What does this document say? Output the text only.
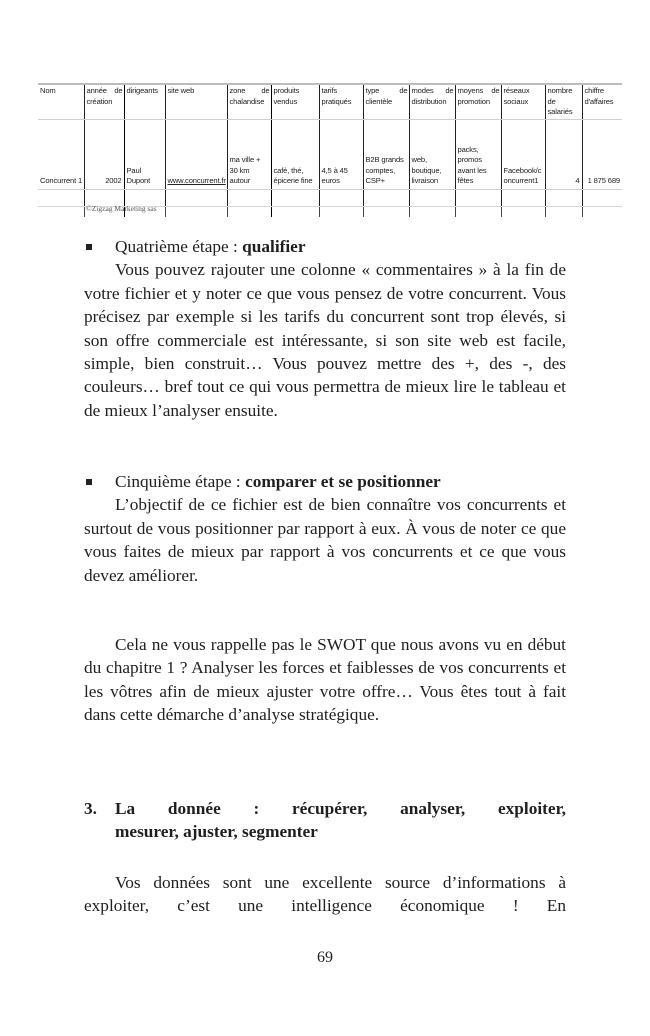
Nom	année de création	dirigeants	site web	zone de chalandise	produits vendus	tarifs pratiqués	type de clientèle	modes de distribution	moyens de promotion	réseaux sociaux	nombre de salariés	chiffre d'affaires
Concurrent 1	2002	Paul Dupont	www.concurrent.fr	ma ville + 30 km autour	café, thé, épicerie fine	4,5 à 45 euros	B2B grands comptes, CSP+	web, boutique, livraison	packs, promos avant les fêtes	Facebook/concurrent1	4	1 875 689

©Zigzag Marketing sas

Quatrième étape : qualifier

Vous pouvez rajouter une colonne « commentaires » à la fin de votre fichier et y noter ce que vous pensez de votre concurrent. Vous précisez par exemple si les tarifs du concurrent sont trop élevés, si son offre commerciale est intéressante, si son site web est facile, simple, bien construit… Vous pouvez mettre des +, des -, des couleurs… bref tout ce qui vous permettra de mieux lire le tableau et de mieux l’analyser ensuite.

Cinquième étape : comparer et se positionner

L’objectif de ce fichier est de bien connaître vos concurrents et surtout de vous positionner par rapport à eux. À vous de noter ce que vous faites de mieux par rapport à vos concurrents et ce que vous devez améliorer.

Cela ne vous rappelle pas le SWOT que nous avons vu en début du chapitre 1 ? Analyser les forces et faiblesses de vos concurrents et les vôtres afin de mieux ajuster votre offre… Vous êtes tout à fait dans cette démarche d’analyse stratégique.

3. La donnée : récupérer, analyser, exploiter,
mesurer, ajuster, segmenter

Vos données sont une excellente source d’informations à exploiter, c’est une intelligence économique ! En

69
